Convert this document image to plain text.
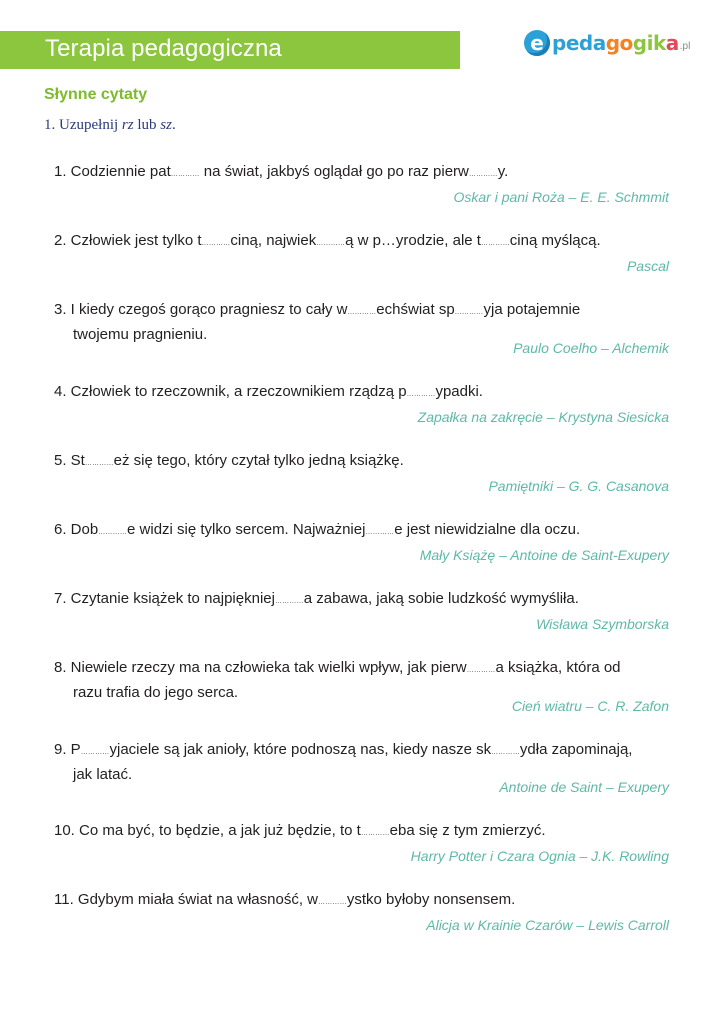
Terapia pedagogiczna	e pedagogika .pl
Słynne cytaty
1. Uzupełnij rz lub sz.
1. Codziennie pat………… na świat, jakbyś oglądał go po raz pierw…………y.
Oskar i pani Roża – E. E. Schmmit
2. Człowiek jest tylko t…………ciną, najwiek…………ą w p…yrodzie, ale t…………ciną myślącą.
Pascal
3. I kiedy czegoś gorąco pragniesz to cały w…………echświat sp…………yja potajemnie
twojemu pragnieniu.
Paulo Coelho – Alchemik
4. Człowiek to rzeczownik, a rzeczownikiem rządzą p…………ypadki.
Zapałka na zakręcie – Krystyna Siesicka
5. St…………eż się tego, który czytał tylko jedną książkę.
Pamiętniki – G. G. Casanova
6. Dob…………e widzi się tylko sercem. Najważniej…………e jest niewidzialne dla oczu.
Mały Książę – Antoine de Saint-Exupery
7. Czytanie książek to najpiękniej…………a zabawa, jaką sobie ludzkość wymyśliła.
Wisława Szymborska
8. Niewiele rzeczy ma na człowieka tak wielki wpływ, jak pierw…………a książka, która od
razu trafia do jego serca.
Cień wiatru – C. R. Zafon
9. P…………yjaciele są jak anioły, które podnoszą nas, kiedy nasze sk…………ydła zapominają,
jak latać.
Antoine de Saint – Exupery
10. Co ma być, to będzie, a jak już będzie, to t…………eba się z tym zmierzyć.
Harry Potter i Czara Ognia – J.K. Rowling
11. Gdybym miała świat na własność, w…………ystko byłoby nonsensem.
Alicja w Krainie Czarów – Lewis Carroll
